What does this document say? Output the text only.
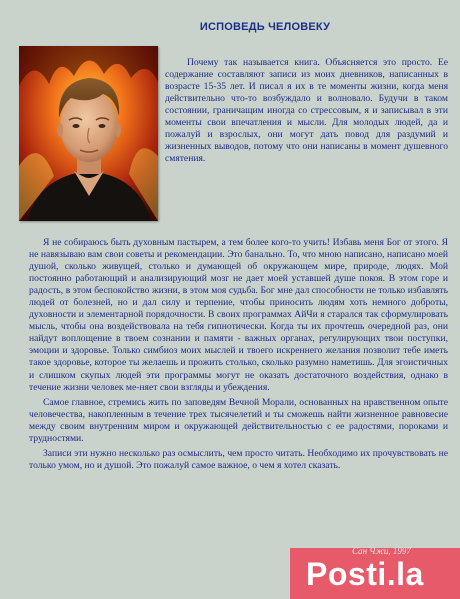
ИСПОВЕДЬ ЧЕЛОВЕКУ

Почему так называется книга. Объясняется это просто. Ее содержание составляют записи из моих дневников, написанных в возрасте 15-35 лет. И писал я их в те моменты жизни, когда меня действительно что-то возбуждало и волновало. Будучи в таком состоянии, граничащим иногда со стрессовым, я и записывал в эти моменты свои впечатления и мысли. Для молодых людей, да и пожалуй и взрослых, они могут дать повод для раздумий и жизненных выводов, потому что они написаны в момент душевного смятения.

Я не собираюсь быть духовным пастырем, а тем более кого-то учить! Избавь меня Бог от этого. Я не навязываю вам свои советы и рекомендации. Это банально. То, что мною написано, написано моей душой, сколько живущей, столько и думающей об окружающем мире, природе, людях. Мой постоянно работающий и анализирующий мозг не дает моей уставшей душе покоя. В этом горе и радость, в этом беспокойство жизни, в этом моя судьба. Бог мне дал способности не только избавлять людей от болезней, но и дал силу и терпение, чтобы приносить людям хоть немного доброты, духовности и элементарной порядочности. В своих программах АйЧи я старался так сформулировать мысль, чтобы она воздействовала на тебя гипнотически. Когда ты их прочтешь очередной раз, они найдут воплощение в твоем сознании и памяти - важных органах, регулирующих твои поступки, эмоции и здоровье. Только симбиоз моих мыслей и твоего искреннего желания позволит тебе иметь такое здоровье, которое ты желаешь и прожить столько, сколько разумно наметишь. Для эгоистичных и слишком скупых людей эти программы могут не оказать достаточного воздействия, однако в течение жизни человек ме-няет свои взгляды и убеждения.

Самое главное, стремись жить по заповедям Вечной Морали, основанных на нравственном опыте человечества, накопленным в течение трех тысячелетий и ты сможешь найти жизненное равновесие между своим внутренним миром и окружающей действительностью с ее радостями, пороками и трудностями.

Записи эти нужно несколько раз осмыслить, чем просто читать. Необходимо их прочувствовать не только умом, но и душой. Это пожалуй самое важное, о чем я хотел сказать.

Posti.la
Сан Чжи, 1997
